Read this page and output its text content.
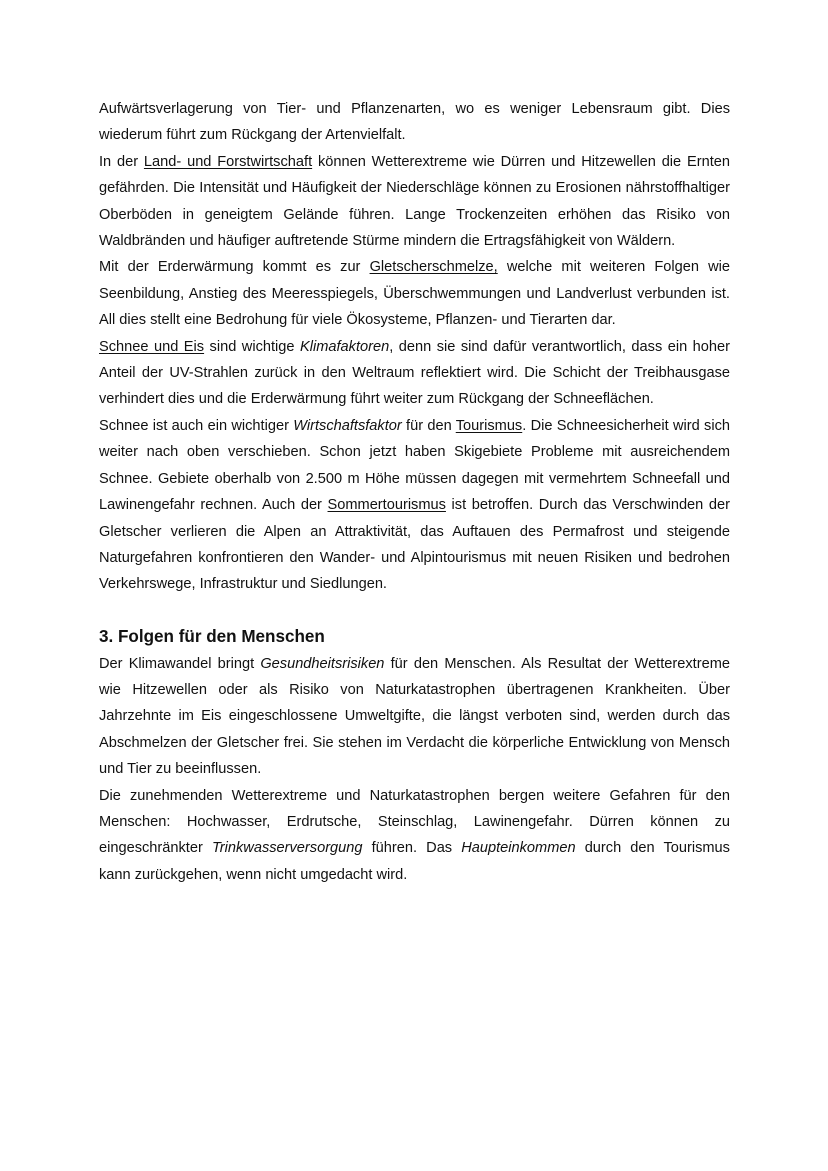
Aufwärtsverlagerung von Tier- und Pflanzenarten, wo es weniger Lebensraum gibt. Dies wiederum führt zum Rückgang der Artenvielfalt.

In der Land- und Forstwirtschaft können Wetterextreme wie Dürren und Hitzewellen die Ernten gefährden. Die Intensität und Häufigkeit der Niederschläge können zu Erosionen nährstoffhaltiger Oberböden in geneigtem Gelände führen. Lange Trockenzeiten erhöhen das Risiko von Waldbränden und häufiger auftretende Stürme mindern die Ertragsfähigkeit von Wäldern.

Mit der Erderwärmung kommt es zur Gletscherschmelze, welche mit weiteren Folgen wie Seenbildung, Anstieg des Meeresspiegels, Überschwemmungen und Landverlust verbunden ist. All dies stellt eine Bedrohung für viele Ökosysteme, Pflanzen- und Tierarten dar.

Schnee und Eis sind wichtige Klimafaktoren, denn sie sind dafür verantwortlich, dass ein hoher Anteil der UV-Strahlen zurück in den Weltraum reflektiert wird. Die Schicht der Treibhausgase verhindert dies und die Erderwärmung führt weiter zum Rückgang der Schneeflächen.

Schnee ist auch ein wichtiger Wirtschaftsfaktor für den Tourismus. Die Schneesicherheit wird sich weiter nach oben verschieben. Schon jetzt haben Skigebiete Probleme mit ausreichendem Schnee. Gebiete oberhalb von 2.500 m Höhe müssen dagegen mit vermehrtem Schneefall und Lawinengefahr rechnen. Auch der Sommertourismus ist betroffen. Durch das Verschwinden der Gletscher verlieren die Alpen an Attraktivität, das Auftauen des Permafrost und steigende Naturgefahren konfrontieren den Wander- und Alpintourismus mit neuen Risiken und bedrohen Verkehrswege, Infrastruktur und Siedlungen.

3. Folgen für den Menschen

Der Klimawandel bringt Gesundheitsrisiken für den Menschen. Als Resultat der Wetterextreme wie Hitzewellen oder als Risiko von Naturkatastrophen übertragenen Krankheiten. Über Jahrzehnte im Eis eingeschlossene Umweltgifte, die längst verboten sind, werden durch das Abschmelzen der Gletscher frei. Sie stehen im Verdacht die körperliche Entwicklung von Mensch und Tier zu beeinflussen.

Die zunehmenden Wetterextreme und Naturkatastrophen bergen weitere Gefahren für den Menschen: Hochwasser, Erdrutsche, Steinschlag, Lawinengefahr. Dürren können zu eingeschränkter Trinkwasserversorgung führen. Das Haupteinkommen durch den Tourismus kann zurückgehen, wenn nicht umgedacht wird.
